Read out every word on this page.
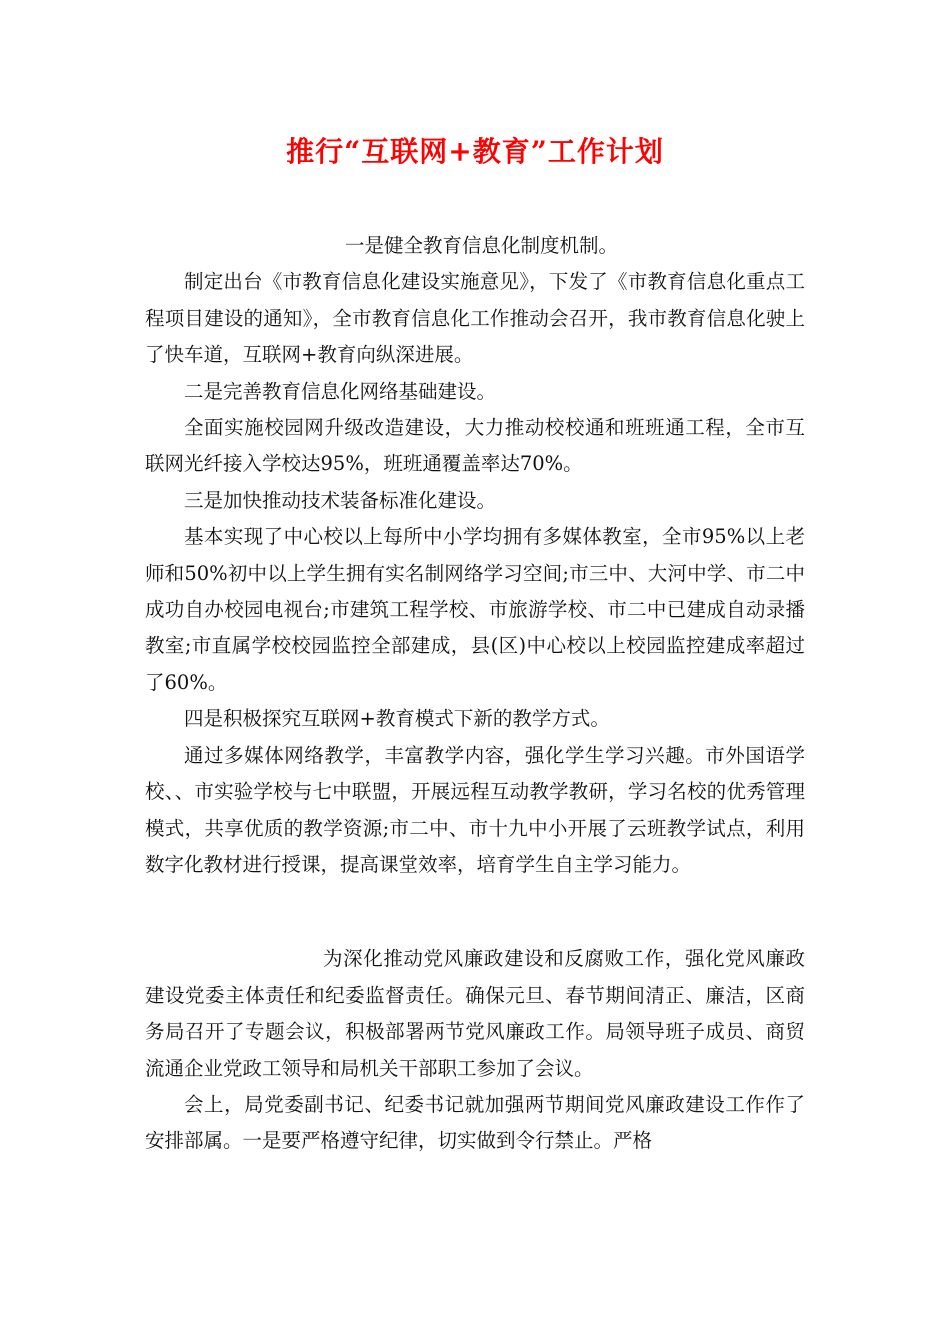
推行“互联网+教育”工作计划

一是健全教育信息化制度机制。

制定出台《市教育信息化建设实施意见》，下发了《市教育信息化重点工程项目建设的通知》，全市教育信息化工作推动会召开，我市教育信息化驶上了快车道，互联网+教育向纵深进展。

二是完善教育信息化网络基础建设。

全面实施校园网升级改造建设，大力推动校校通和班班通工程，全市互联网光纤接入学校达95%，班班通覆盖率达70%。

三是加快推动技术装备标准化建设。

基本实现了中心校以上每所中小学均拥有多媒体教室，全市95%以上老师和50%初中以上学生拥有实名制网络学习空间;市三中、大河中学、市二中成功自办校园电视台;市建筑工程学校、市旅游学校、市二中已建成自动录播教室;市直属学校校园监控全部建成，县(区)中心校以上校园监控建成率超过了60%。

四是积极探究互联网+教育模式下新的教学方式。

通过多媒体网络教学，丰富教学内容，强化学生学习兴趣。市外国语学校、、市实验学校与七中联盟，开展远程互动教学教研，学习名校的优秀管理模式，共享优质的教学资源;市二中、市十九中小开展了云班教学试点，利用数字化教材进行授课，提高课堂效率，培育学生自主学习能力。

为深化推动党风廉政建设和反腐败工作，强化党风廉政建设党委主体责任和纪委监督责任。确保元旦、春节期间清正、廉洁，区商务局召开了专题会议，积极部署两节党风廉政工作。局领导班子成员、商贸流通企业党政工领导和局机关干部职工参加了会议。

会上，局党委副书记、纪委书记就加强两节期间党风廉政建设工作作了安排部属。一是要严格遵守纪律，切实做到令行禁止。严格
